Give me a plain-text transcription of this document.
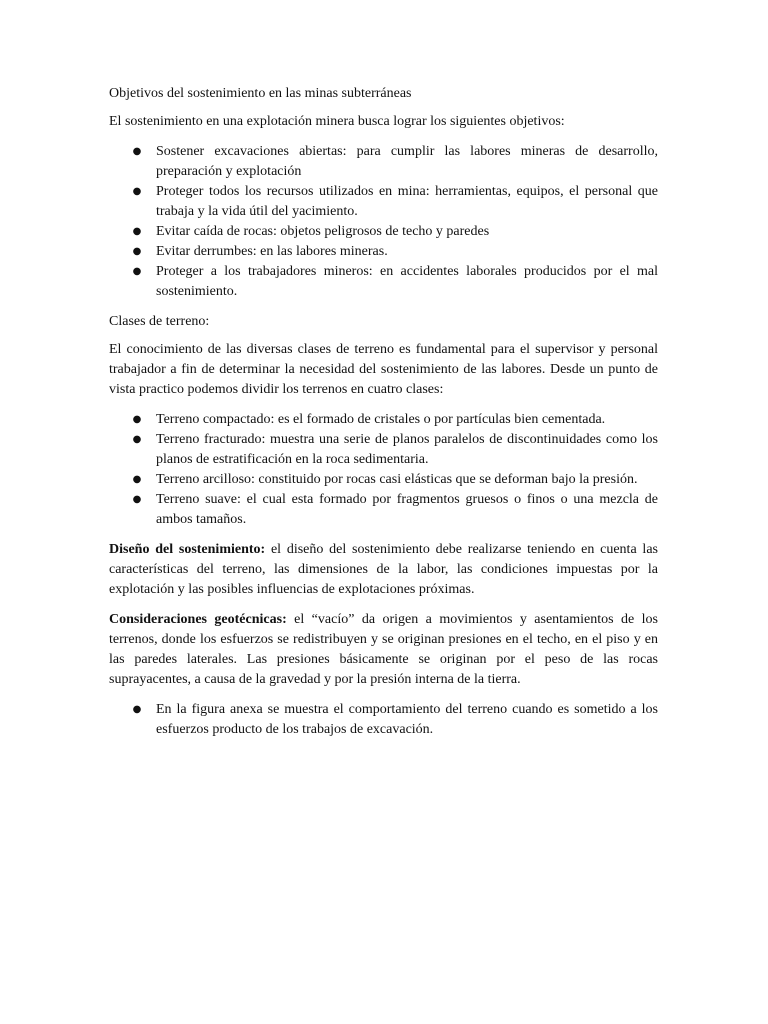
Objetivos del sostenimiento en las minas subterráneas

El sostenimiento en una explotación minera busca lograr los siguientes objetivos:

● Sostener excavaciones abiertas: para cumplir las labores mineras de desarrollo, preparación y explotación
● Proteger todos los recursos utilizados en mina: herramientas, equipos, el personal que trabaja y la vida útil del yacimiento.
● Evitar caída de rocas: objetos peligrosos de techo y paredes
● Evitar derrumbes: en las labores mineras.
● Proteger a los trabajadores mineros: en accidentes laborales producidos por el mal sostenimiento.

Clases de terreno:

El conocimiento de las diversas clases de terreno es fundamental para el supervisor y personal trabajador a fin de determinar la necesidad del sostenimiento de las labores. Desde un punto de vista practico podemos dividir los terrenos en cuatro clases:

● Terreno compactado: es el formado de cristales o por partículas bien cementada.
● Terreno fracturado: muestra una serie de planos paralelos de discontinuidades como los planos de estratificación en la roca sedimentaria.
● Terreno arcilloso: constituido por rocas casi elásticas que se deforman bajo la presión.
● Terreno suave: el cual esta formado por fragmentos gruesos o finos o una mezcla de ambos tamaños.

Diseño del sostenimiento: el diseño del sostenimiento debe realizarse teniendo en cuenta las características del terreno, las dimensiones de la labor, las condiciones impuestas por la explotación y las posibles influencias de explotaciones próximas.

Consideraciones geotécnicas: el “vacío” da origen a movimientos y asentamientos de los terrenos, donde los esfuerzos se redistribuyen y se originan presiones en el techo, en el piso y en las paredes laterales. Las presiones básicamente se originan por el peso de las rocas suprayacentes, a causa de la gravedad y por la presión interna de la tierra.

● En la figura anexa se muestra el comportamiento del terreno cuando es sometido a los esfuerzos producto de los trabajos de excavación.
